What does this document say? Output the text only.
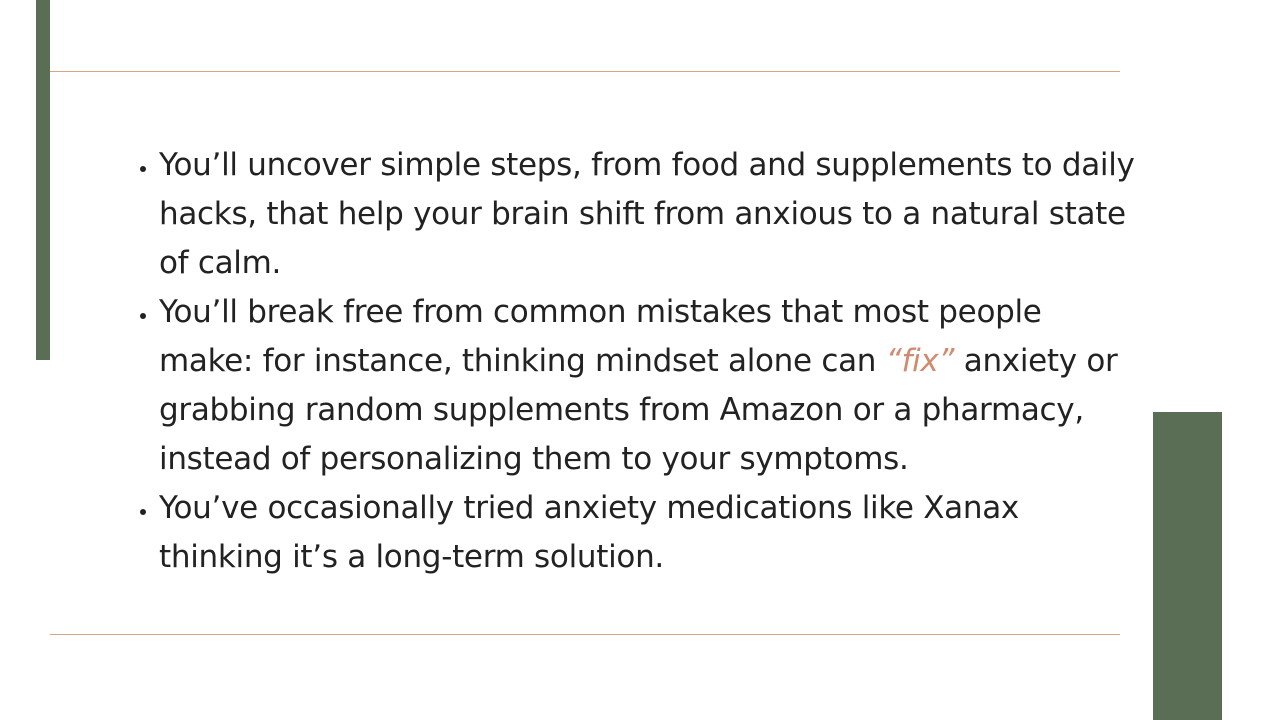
• You’ll uncover simple steps, from food and supplements to daily hacks, that help your brain shift from anxious to a natural state of calm.
• You’ll break free from common mistakes that most people make: for instance, thinking mindset alone can “fix” anxiety or grabbing random supplements from Amazon or a pharmacy, instead of personalizing them to your symptoms.
• You’ve occasionally tried anxiety medications like Xanax thinking it’s a long-term solution.
